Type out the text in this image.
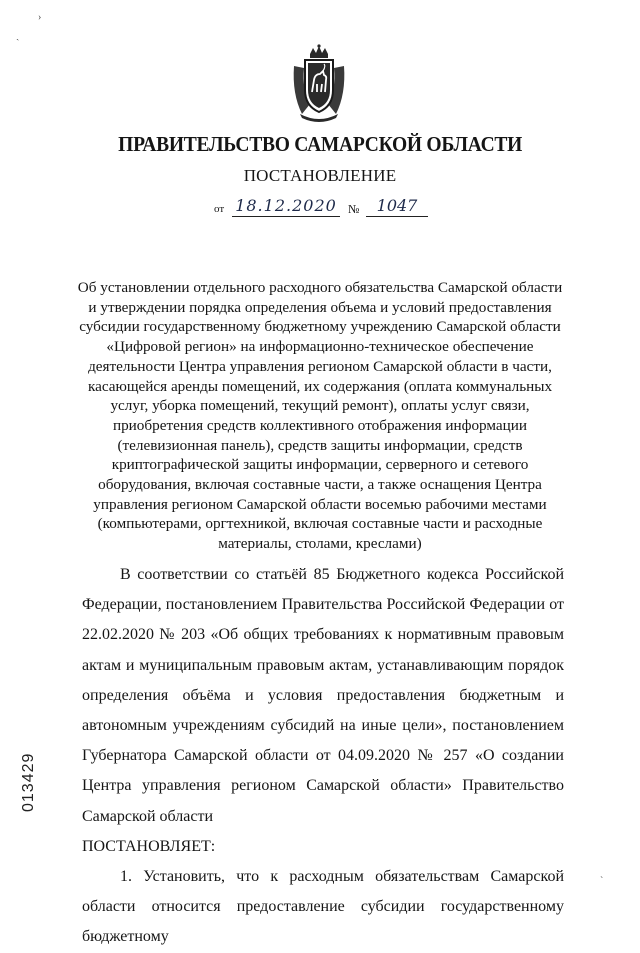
ПРАВИТЕЛЬСТВО САМАРСКОЙ ОБЛАСТИ
ПОСТАНОВЛЕНИЕ
от 18.12.2020 №	1047
Об установлении отдельного расходного обязательства Самарской области
и утверждении порядка определения объема и условий предоставления
субсидии государственному бюджетному учреждению Самарской области
«Цифровой регион» на информационно-техническое обеспечение
деятельности Центра управления регионом Самарской области в части,
касающейся аренды помещений, их содержания (оплата коммунальных
услуг, уборка помещений, текущий ремонт), оплаты услуг связи,
приобретения средств коллективного отображения информации
(телевизионная панель), средств защиты информации, средств
криптографической защиты информации, серверного и сетевого
оборудования, включая составные части, а также оснащения Центра
управления регионом Самарской области восемью рабочими местами
(компьютерами, оргтехникой, включая составные части и расходные
материалы, столами, креслами)

В соответствии со статьёй 85 Бюджетного кодекса Российской Федерации, постановлением Правительства Российской Федерации от 22.02.2020 № 203 «Об общих требованиях к нормативным правовым актам и муниципальным правовым актам, устанавливающим порядок определения объёма и условия предоставления бюджетным и автономным учреждениям субсидий на иные цели», постановлением Губернатора Самарской области от 04.09.2020 № 257 «О создании Центра управления регионом Самарской области» Правительство Самарской области

ПОСТАНОВЛЯЕТ:

1. Установить, что к расходным обязательствам Самарской области относится предоставление субсидии государственному бюджетному

013429
›
ˏ
ˋ
